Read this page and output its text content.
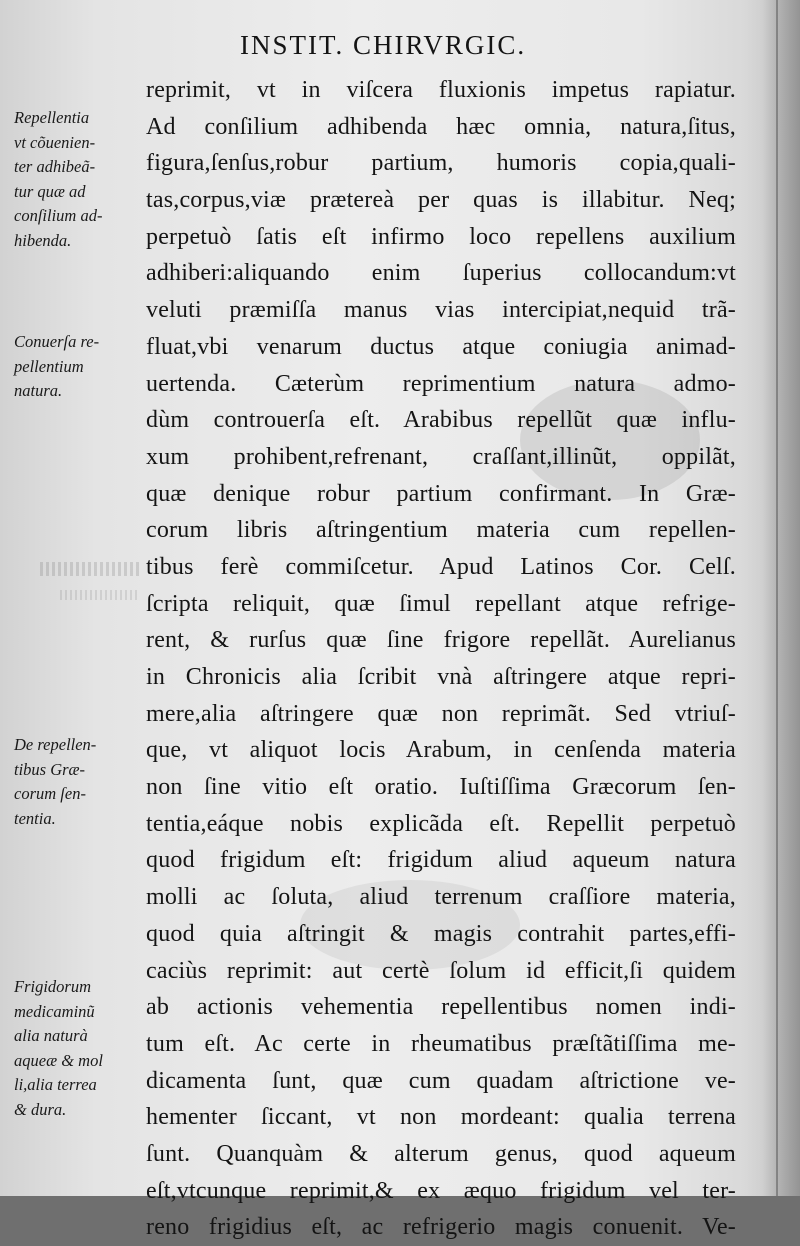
INSTIT. CHIRVRGIC.
reprimit, vt in viſcera fluxionis impetus rapiatur.
Ad conſilium adhibenda hæc omnia, natura,ſitus,
figura,ſenſus,robur partium, humoris copia,quali-
tas,corpus,viæ prætereà per quas is illabitur. Neq;
perpetuò ſatis eſt infirmo loco repellens auxilium
adhiberi:aliquando enim ſuperius collocandum:vt
veluti præmiſſa manus vias intercipiat,nequid trã-
fluat,vbi venarum ductus atque coniugia animad-
uertenda. Cæterùm reprimentium natura admo-
dùm controuerſa eſt. Arabibus repellũt quæ influ-
xum prohibent,refrenant, craſſant,illinũt, oppilãt,
quæ denique robur partium confirmant. In Græ-
corum libris aſtringentium materia cum repellen-
tibus ferè commiſcetur. Apud Latinos Cor. Celſ.
ſcripta reliquit, quæ ſimul repellant atque refrige-
rent, & rurſus quæ ſine frigore repellãt. Aurelianus
in Chronicis alia ſcribit vnà aſtringere atque repri-
mere,alia aſtringere quæ non reprimãt. Sed vtriuſ-
que, vt aliquot locis Arabum, in cenſenda materia
non ſine vitio eſt oratio. Iuſtiſſima Græcorum ſen-
tentia,eáque nobis explicãda eſt. Repellit perpetuò
quod frigidum eſt: frigidum aliud aqueum natura
molli ac ſoluta, aliud terrenum craſſiore materia,
quod quia aſtringit & magis contrahit partes,effi-
caciùs reprimit: aut certè ſolum id efficit,ſi quidem
ab actionis vehementia repellentibus nomen indi-
tum eſt. Ac certe in rheumatibus præſtãtiſſima me-
dicamenta ſunt, quæ cum quadam aſtrictione ve-
hementer ſiccant, vt non mordeant: qualia terrena
ſunt. Quanquàm & alterum genus, quod aqueum
eſt,vtcunque reprimit,& ex æquo frigidum vel ter-
reno frigidius eſt, ac refrigerio magis conuenit. Ve-
Repellentia
vt cõuenien-
ter adhibeã-
tur quæ ad
conſilium ad-
hibenda.
Conuerſa re-
pellentium
natura.
De repellen-
tibus Græ-
corum ſen-
tentia.
Frigidorum
medicaminũ
alia naturà
aqueæ & mol
li,alia terrea
& dura.
